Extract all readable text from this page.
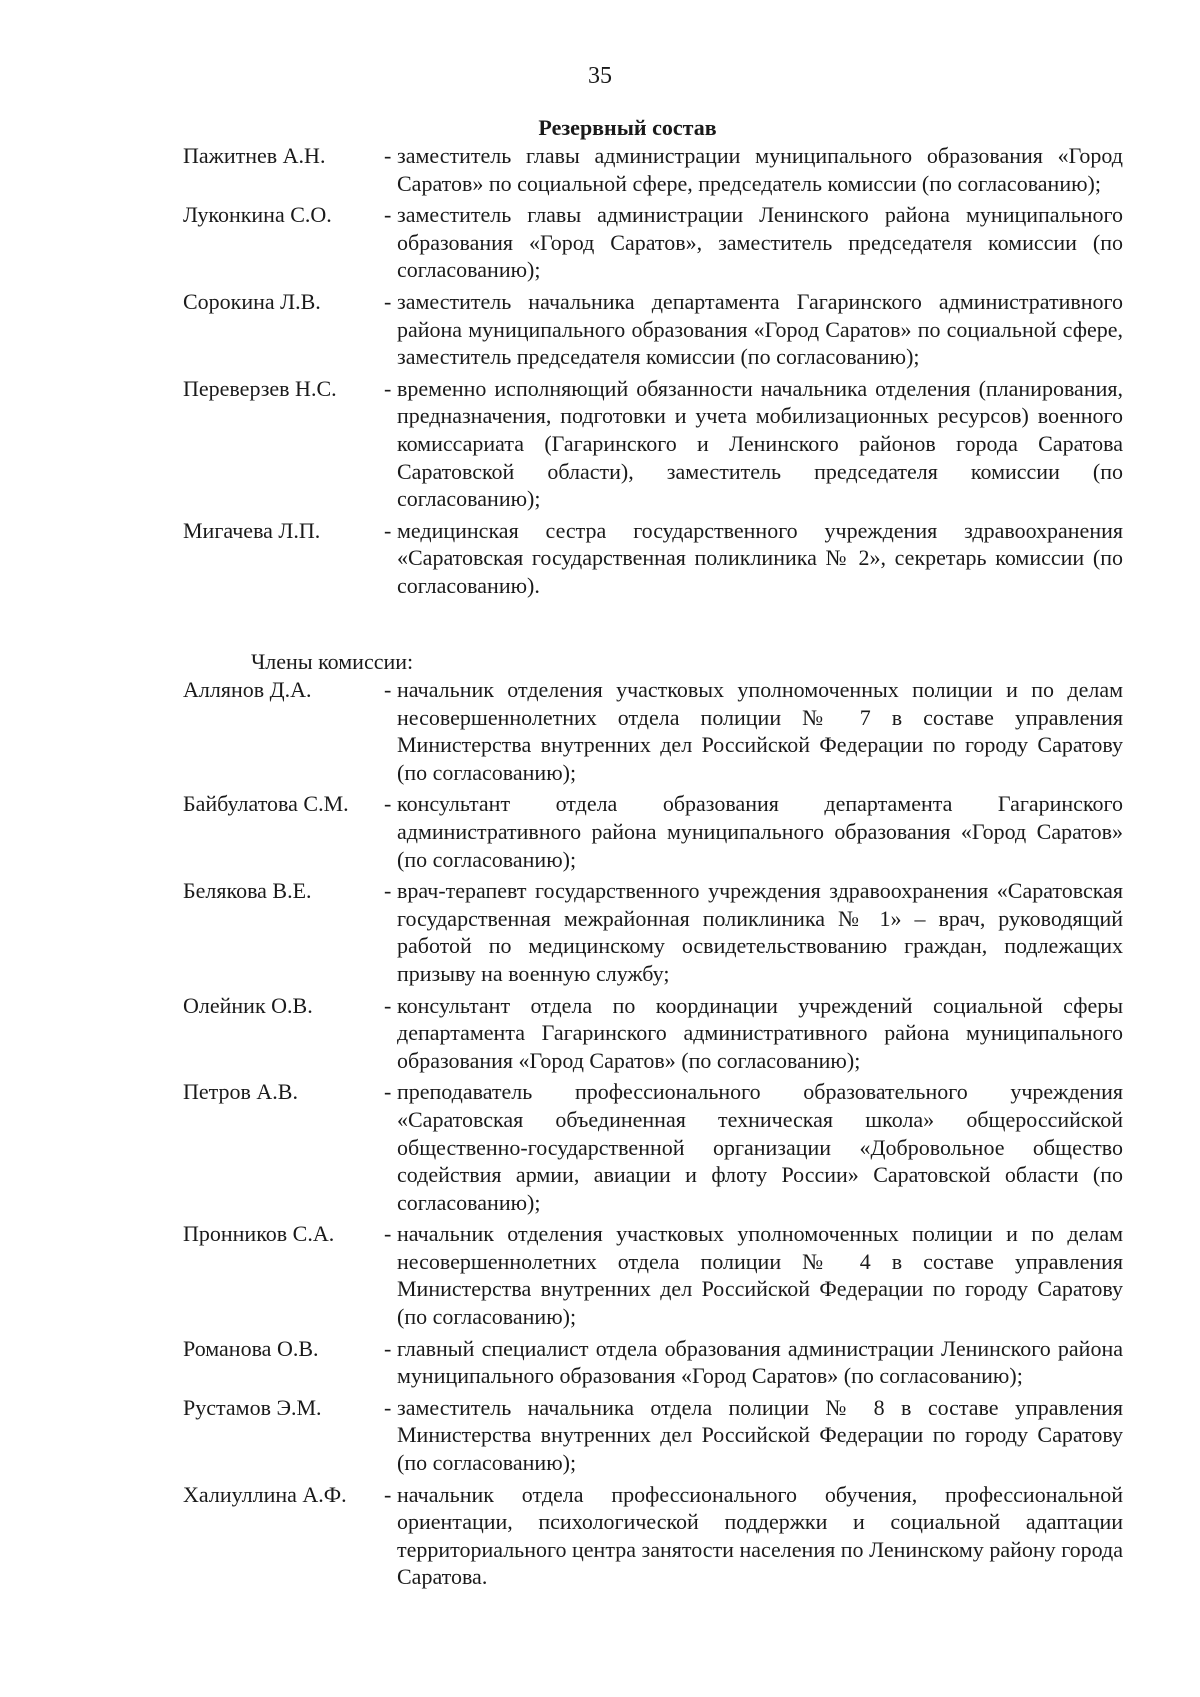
35
Резервный состав
Пажитнев А.Н.	- заместитель главы администрации муниципального образования «Город Саратов» по социальной сфере, председатель комиссии (по согласованию);
Луконкина С.О.	- заместитель главы администрации Ленинского района муниципального образования «Город Саратов», заместитель председателя комиссии (по согласованию);
Сорокина Л.В.	- заместитель начальника департамента Гагаринского административного района муниципального образования «Город Саратов» по социальной сфере, заместитель председателя комиссии (по согласованию);
Переверзев Н.С.	- временно исполняющий обязанности начальника отделения (планирования, предназначения, подготовки и учета мобилизационных ресурсов) военного комиссариата (Гагаринского и Ленинского районов города Саратова Саратовской области), заместитель председателя комиссии (по согласованию);
Мигачева Л.П.	- медицинская сестра государственного учреждения здравоохранения «Саратовская государственная поликлиника № 2», секретарь комиссии (по согласованию).
Члены комиссии:
Аллянов Д.А.	- начальник отделения участковых уполномоченных полиции и по делам несовершеннолетних отдела полиции № 7 в составе управления Министерства внутренних дел Российской Федерации по городу Саратову (по согласованию);
Байбулатова С.М.	- консультант отдела образования департамента Гагаринского административного района муниципального образования «Город Саратов» (по согласованию);
Белякова В.Е.	- врач-терапевт государственного учреждения здравоохранения «Саратовская государственная межрайонная поликлиника № 1» – врач, руководящий работой по медицинскому освидетельствованию граждан, подлежащих призыву на военную службу;
Олейник О.В.	- консультант отдела по координации учреждений социальной сферы департамента Гагаринского административного района муниципального образования «Город Саратов» (по согласованию);
Петров А.В.	- преподаватель профессионального образовательного учреждения «Саратовская объединенная техническая школа» общероссийской общественно-государственной организации «Добровольное общество содействия армии, авиации и флоту России» Саратовской области (по согласованию);
Пронников С.А.	- начальник отделения участковых уполномоченных полиции и по делам несовершеннолетних отдела полиции № 4 в составе управления Министерства внутренних дел Российской Федерации по городу Саратову (по согласованию);
Романова О.В.	- главный специалист отдела образования администрации Ленинского района муниципального образования «Город Саратов» (по согласованию);
Рустамов Э.М.	- заместитель начальника отдела полиции № 8 в составе управления Министерства внутренних дел Российской Федерации по городу Саратову (по согласованию);
Халиуллина А.Ф.	- начальник отдела профессионального обучения, профессиональной ориентации, психологической поддержки и социальной адаптации территориального центра занятости населения по Ленинскому району города Саратова.
